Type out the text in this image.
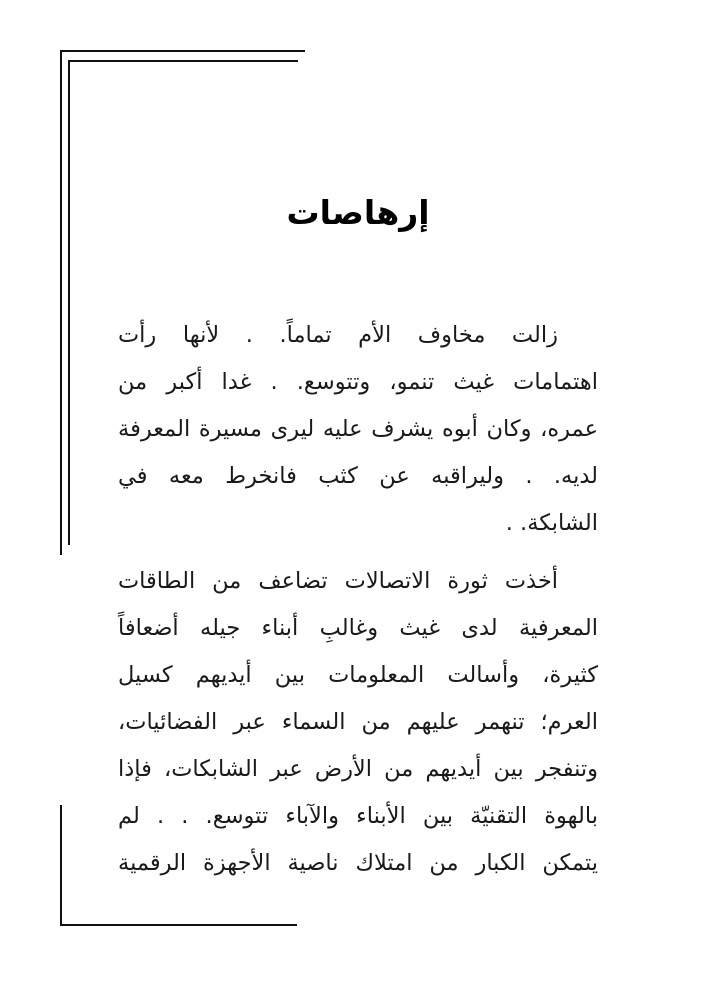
إرهاصات
زالت مخاوف الأم تماماً. . لأنها رأت
اهتمامات غيث تنمو، وتتوسع. . غدا أكبر من
عمره، وكان أبوه يشرف عليه ليرى مسيرة المعرفة
لديه. . وليراقبه عن كثب فانخرط معه في
الشابكة. .
أخذت ثورة الاتصالات تضاعف من الطاقات
المعرفية لدى غيث وغالبِ أبناء جيله أضعافاً
كثيرة، وأسالت المعلومات بين أيديهم كسيل
العرم؛ تنهمر عليهم من السماء عبر الفضائيات،
وتنفجر بين أيديهم من الأرض عبر الشابكات، فإذا
بالهوة التقنيّة بين الأبناء والآباء تتوسع. . . لم
يتمكن الكبار من امتلاك ناصية الأجهزة الرقمية
